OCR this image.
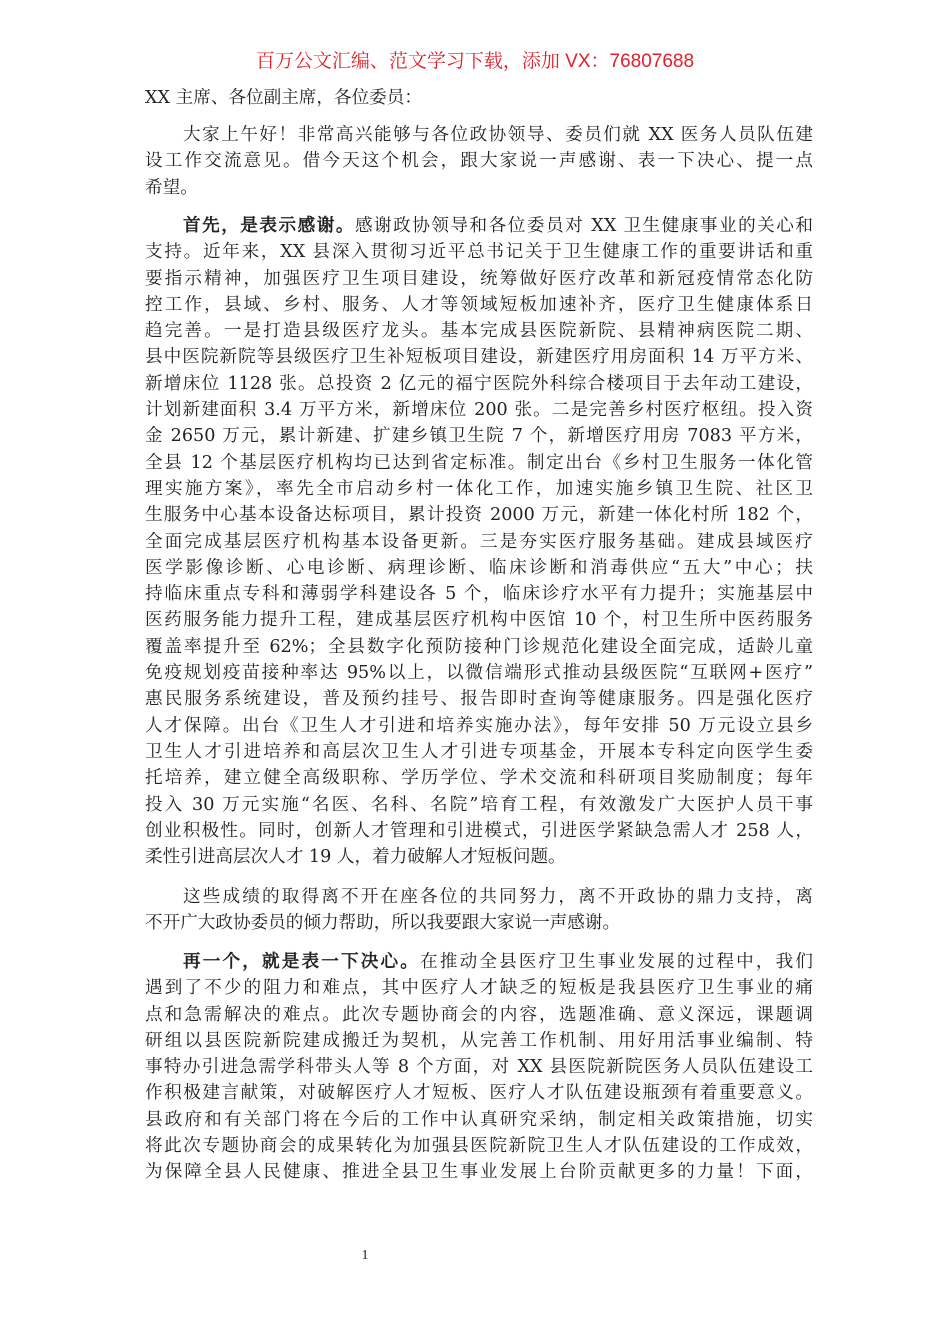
百万公文汇编、范文学习下载，添加 VX：76807688
XX 主席、各位副主席，各位委员：
大家上午好！非常高兴能够与各位政协领导、委员们就 XX 医务人员队伍建
设工作交流意见。借今天这个机会，跟大家说一声感谢、表一下决心、提一点
希望。
首先，是表示感谢。感谢政协领导和各位委员对 XX 卫生健康事业的关心和
支持。近年来，XX 县深入贯彻习近平总书记关于卫生健康工作的重要讲话和重
要指示精神，加强医疗卫生项目建设，统筹做好医疗改革和新冠疫情常态化防
控工作，县域、乡村、服务、人才等领域短板加速补齐，医疗卫生健康体系日
趋完善。一是打造县级医疗龙头。基本完成县医院新院、县精神病医院二期、
县中医院新院等县级医疗卫生补短板项目建设，新建医疗用房面积 14 万平方米、
新增床位 1128 张。总投资 2 亿元的福宁医院外科综合楼项目于去年动工建设，
计划新建面积 3.4 万平方米，新增床位 200 张。二是完善乡村医疗枢纽。投入资
金 2650 万元，累计新建、扩建乡镇卫生院 7 个，新增医疗用房 7083 平方米，
全县 12 个基层医疗机构均已达到省定标准。制定出台《乡村卫生服务一体化管
理实施方案》，率先全市启动乡村一体化工作，加速实施乡镇卫生院、社区卫
生服务中心基本设备达标项目，累计投资 2000 万元，新建一体化村所 182 个，
全面完成基层医疗机构基本设备更新。三是夯实医疗服务基础。建成县域医疗
医学影像诊断、心电诊断、病理诊断、临床诊断和消毒供应“五大”中心；扶
持临床重点专科和薄弱学科建设各 5 个，临床诊疗水平有力提升；实施基层中
医药服务能力提升工程，建成基层医疗机构中医馆 10 个，村卫生所中医药服务
覆盖率提升至 62%；全县数字化预防接种门诊规范化建设全面完成，适龄儿童
免疫规划疫苗接种率达 95%以上，以微信端形式推动县级医院“互联网+医疗”
惠民服务系统建设，普及预约挂号、报告即时查询等健康服务。四是强化医疗
人才保障。出台《卫生人才引进和培养实施办法》，每年安排 50 万元设立县乡
卫生人才引进培养和高层次卫生人才引进专项基金，开展本专科定向医学生委
托培养，建立健全高级职称、学历学位、学术交流和科研项目奖励制度；每年
投入 30 万元实施“名医、名科、名院”培育工程，有效激发广大医护人员干事
创业积极性。同时，创新人才管理和引进模式，引进医学紧缺急需人才 258 人，
柔性引进高层次人才 19 人，着力破解人才短板问题。
这些成绩的取得离不开在座各位的共同努力，离不开政协的鼎力支持，离
不开广大政协委员的倾力帮助，所以我要跟大家说一声感谢。
再一个，就是表一下决心。在推动全县医疗卫生事业发展的过程中，我们
遇到了不少的阻力和难点，其中医疗人才缺乏的短板是我县医疗卫生事业的痛
点和急需解决的难点。此次专题协商会的内容，选题准确、意义深远，课题调
研组以县医院新院建成搬迁为契机，从完善工作机制、用好用活事业编制、特
事特办引进急需学科带头人等 8 个方面，对 XX 县医院新院医务人员队伍建设工
作积极建言献策，对破解医疗人才短板、医疗人才队伍建设瓶颈有着重要意义。
县政府和有关部门将在今后的工作中认真研究采纳，制定相关政策措施，切实
将此次专题协商会的成果转化为加强县医院新院卫生人才队伍建设的工作成效，
为保障全县人民健康、推进全县卫生事业发展上台阶贡献更多的力量！下面，
1
